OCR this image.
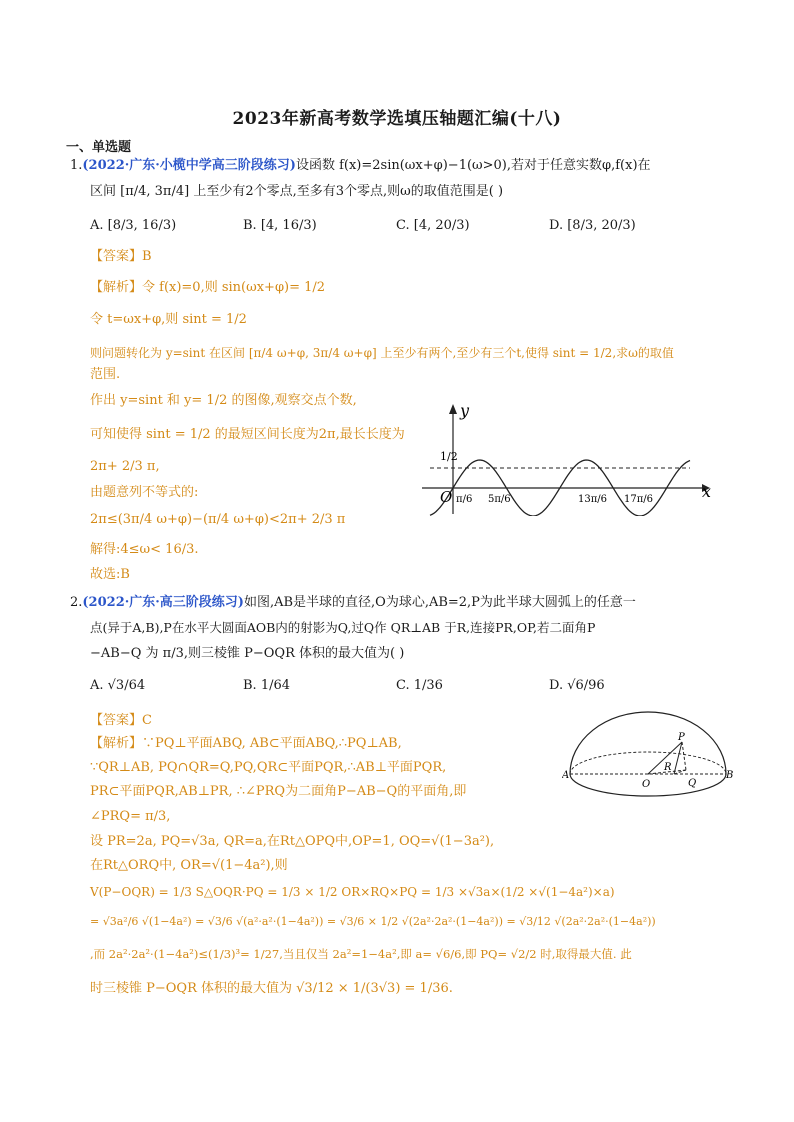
2023年新高考数学选填压轴题汇编(十八)
一、单选题
1.(2022·广东·小榄中学高三阶段练习)设函数 f(x)=2sin(ωx+φ)−1(ω>0),若对于任意实数φ,f(x)在
区间 [π/4, 3π/4] 上至少有2个零点,至多有3个零点,则ω的取值范围是( )
A. [8/3, 16/3)	B. [4, 16/3)	C. [4, 20/3)	D. [8/3, 20/3)
【答案】B
【解析】令 f(x)=0,则 sin(ωx+φ)= 1/2
令 t=ωx+φ,则 sint = 1/2
则问题转化为 y=sint 在区间 [π/4 ω+φ, 3π/4 ω+φ] 上至少有两个,至少有三个t,使得 sint = 1/2,求ω的取值
范围.
作出 y=sint 和 y= 1/2 的图像,观察交点个数,
可知使得 sint = 1/2 的最短区间长度为2π,最长长度为
2π+ 2/3 π,
由题意列不等式的:
2π≤(3π/4 ω+φ)−(π/4 ω+φ)<2π+ 2/3 π
解得:4≤ω< 16/3.
故选:B
y
x
O
1/2
π/6 5π/6	13π/6 17π/6
2.(2022·广东·高三阶段练习)如图,AB是半球的直径,O为球心,AB=2,P为此半球大圆弧上的任意一
点(异于A,B),P在水平大圆面AOB内的射影为Q,过Q作 QR⊥AB 于R,连接PR,OP,若二面角P
−AB−Q 为 π/3,则三棱锥 P−OQR 体积的最大值为( )
A. √3/64	B. 1/64	C. 1/36	D. √6/96
【答案】C
【解析】∵PQ⊥平面ABQ, AB⊂平面ABQ,∴PQ⊥AB,
∵QR⊥AB, PQ∩QR=Q,PQ,QR⊂平面PQR,∴AB⊥平面PQR,
PR⊂平面PQR,AB⊥PR, ∴∠PRQ为二面角P−AB−Q的平面角,即
∠PRQ= π/3,
设 PR=2a, PQ=√3a, QR=a,在Rt△OPQ中,OP=1, OQ=√(1−3a²),
在Rt△ORQ中, OR=√(1−4a²),则
V(P−OQR) = 1/3 S△OQR·PQ = 1/3 × 1/2 OR×RQ×PQ = 1/3 ×√3a×(1/2 ×√(1−4a²)×a)
= √3a²/6 √(1−4a²) = √3/6 √(a²·a²·(1−4a²)) = √3/6 × 1/2 √(2a²·2a²·(1−4a²)) = √3/12 √(2a²·2a²·(1−4a²))
,而 2a²·2a²·(1−4a²)≤(1/3)³= 1/27,当且仅当 2a²=1−4a²,即 a= √6/6,即 PQ= √2/2 时,取得最大值. 此
时三棱锥 P−OQR 体积的最大值为 √3/12 × 1/(3√3) = 1/36.
P
A	B
O
R
Q
